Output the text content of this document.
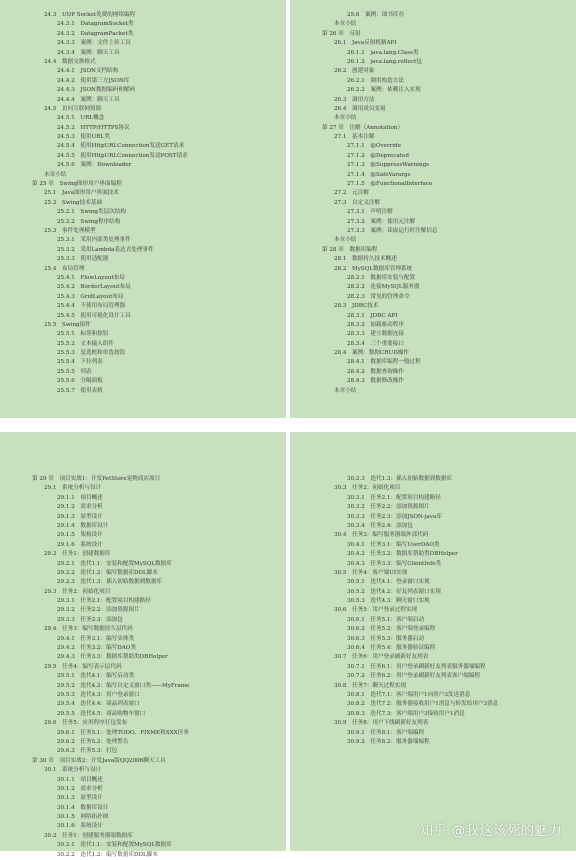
24.3　UDP Socket免费的网络编程
24.3.1　DatagramSocket类
24.3.2　DatagramPacket类
24.3.3　案例：文件上传工具
24.3.4　案例：聊天工具
24.4　数据交换格式
24.4.1　JSON文档结构
24.4.2　使用第三方JSON库
24.4.3　JSON数据编码和解码
24.4.4　案例：聊天工具
24.5　访问互联网资源
24.5.1　URL概念
24.5.2　HTTP/HTTPS协议
24.5.3　使用URL类
24.5.4　使用HttpURLConnection发送GET请求
24.5.5　使用HttpURLConnection发送POST请求
24.5.6　案例：Downloader
本章小结
第 25 章　Swing图形用户界面编程
25.1　Java图形用户界面技术
25.2　Swing技术基础
25.2.1　Swing类层次结构
25.2.2　Swing程序结构
25.3　事件处理模型
25.3.1　采用内部类处理事件
25.3.2　采用Lambda表达式处理事件
25.3.3　使用适配器
25.4　布局管理
25.4.1　FlowLayout布局
25.4.2　BorderLayout布局
25.4.3　GridLayout布局
25.4.4　不使用布局管理器
25.4.5　使用可视化设计工具
25.5　Swing组件
25.5.1　标签和按钮
25.5.2　文本输入组件
25.5.3　复选框和单选按钮
25.5.4　下拉列表
25.5.5　列表
25.5.6　分隔面板
25.5.7　使用表格
25.6　案例：图书库存
本章小结
第 26 章　反射
26.1　Java反射机制API
26.1.1　java.lang.Class类
26.1.2　java.lang.reflect包
26.2　创建对象
26.2.1　调用构造方法
26.2.2　案例：依赖注入实现
26.3　调用方法
26.4　调用成员变量
本章小结
第 27 章　注解（Annotation）
27.1　基本注解
27.1.1　@Override
27.1.2　@Deprecated
27.1.3　@SuppressWarnings
27.1.4　@SafeVarargs
27.1.5　@FunctionalInterface
27.2　元注解
27.3　自定义注解
27.3.1　声明注解
27.3.2　案例：使用元注解
27.3.3　案例：读取运行时注解信息
本章小结
第 28 章　数据库编程
28.1　数据持久技术概述
28.2　MySQL数据库管理系统
28.2.1　数据库安装与配置
28.2.2　连接MySQL服务器
28.2.3　常见的管理命令
28.3　JDBC技术
28.3.1　JDBC API
28.3.2　加载驱动程序
28.3.3　建立数据连接
28.3.4　三个重要接口
28.4　案例：数据CRUD操作
28.4.1　数据库编程一般过程
28.4.2　数据查询操作
28.4.3　数据修改操作
本章小结
第 29 章　项目实战1：开发PetStore宠物商店项目
29.1　系统分析与设计
29.1.1　项目概述
29.1.2　需求分析
29.1.3　原型设计
29.1.4　数据库设计
29.1.5　架构设计
29.1.6　系统设计
29.2　任务1：创建数据库
29.2.1　迭代1.1：安装和配置MySQL数据库
29.2.2　迭代1.2：编写数据库DDL脚本
29.2.3　迭代1.3：插入初始数据到数据库
29.3　任务2：初始化项目
29.3.1　任务2.1：配置项目构建路径
29.3.2　任务2.2：添加资源图片
29.3.3　任务2.3：添加包
29.4　任务3：编写数据持久层代码
29.4.1　任务3.1：编写实体类
29.4.2　任务3.2：编写DAO类
29.4.3　任务3.3：数据库帮助类DBHelper
29.5　任务4：编写表示层代码
29.5.1　迭代4.1：编写启动类
29.5.2　迭代4.2：编写自定义窗口类——MyFrame
29.5.3　迭代4.3：用户登录窗口
29.5.4　迭代4.4：商品列表窗口
29.5.5　迭代4.5：商品购物车窗口
29.6　任务5：应用程序打包发布
29.6.1　任务5.1：处理TODO、FIXME和XXX任务
29.6.2　任务5.2：处理警告
29.6.3　任务5.3：打包
第 30 章　项目实战2：开发Java版QQ2006聊天工具
30.1　系统分析与设计
30.1.1　项目概述
30.1.2　需求分析
30.1.3　原型设计
30.1.4　数据库设计
30.1.5　网络拓扑图
30.1.6　系统设计
30.2　任务1：创建服务器端数据库
30.2.1　迭代1.1：安装和配置MySQL数据库
30.2.2　迭代1.2：编写数据库DDL脚本
30.2.3　迭代1.3：插入初始数据到数据库
30.3　任务2：初始化项目
30.3.1　任务2.1：配置项目构建路径
30.3.2　任务2.2：添加资源图片
30.3.3　任务2.3：添加JSON-java库
30.3.4　任务2.4：添加包
30.4　任务3：编写服务器端外部代码
30.4.1　任务3.1：编写UserDAO类
30.4.2　任务3.2：数据库帮助类DBHelper
30.4.3　任务3.3：编写ClientInfo类
30.5　任务4：客户端UI实现
30.5.1　迭代4.1：登录窗口实现
30.5.2　迭代4.2：好友列表窗口实现
30.5.3　迭代4.3：聊天窗口实现
30.6　任务5：用户登录过程实现
30.6.1　任务5.1：客户端启动
30.6.2　任务5.2：客户端登录编程
30.6.3　任务5.3：服务器启动
30.6.4　任务5.4：服务器验证编程
30.7　任务6：用户登录刷新好友列表
30.7.1　任务6.1：用户登录刷新好友列表服务器端编程
30.7.2　任务6.2：用户登录刷新好友列表客户端编程
30.8　任务7：聊天过程实现
30.8.1　迭代7.1：客户端用户1向用户3发送消息
30.8.2　迭代7.2：服务器接收用户1消息与转发给用户3消息
30.8.3　迭代7.3：客户端用户3接收用户1消息
30.9　任务8：用户下线刷新好友列表
30.9.1　任务8.1：客户端编程
30.9.2　任务8.2：服务器端编程
知乎 @我这该死的魅力
